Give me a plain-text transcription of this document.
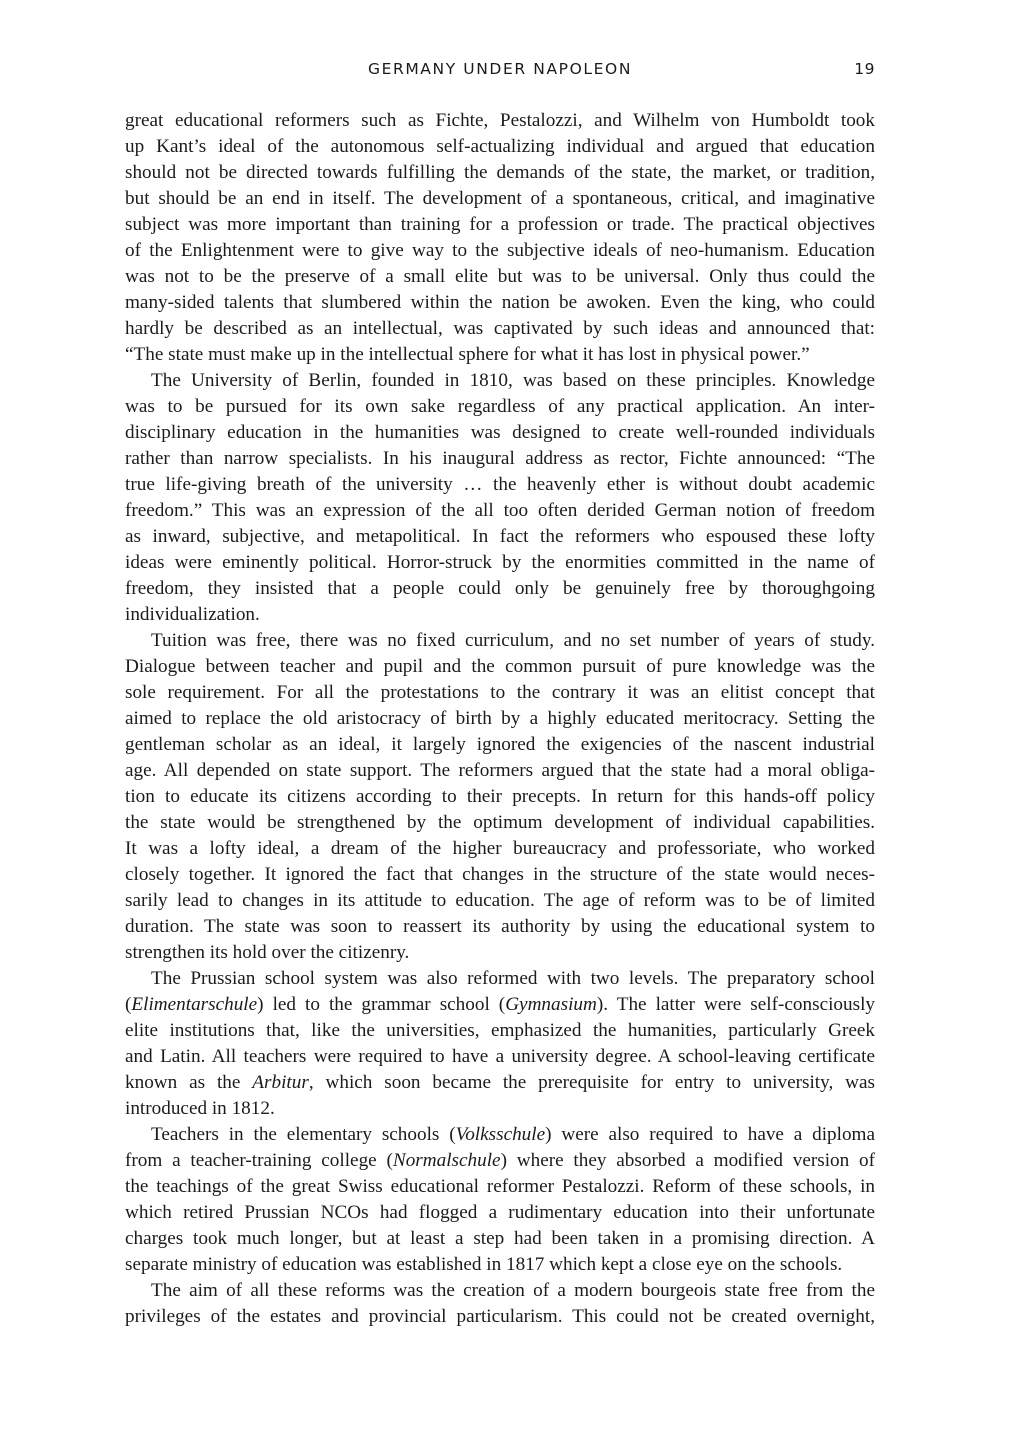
GERMANY UNDER NAPOLEON	19
great educational reformers such as Fichte, Pestalozzi, and Wilhelm von Humboldt took
up Kant’s ideal of the autonomous self-actualizing individual and argued that education
should not be directed towards fulfilling the demands of the state, the market, or tradition,
but should be an end in itself. The development of a spontaneous, critical, and imaginative
subject was more important than training for a profession or trade. The practical objectives
of the Enlightenment were to give way to the subjective ideals of neo-humanism. Education
was not to be the preserve of a small elite but was to be universal. Only thus could the
many-sided talents that slumbered within the nation be awoken. Even the king, who could
hardly be described as an intellectual, was captivated by such ideas and announced that:
“The state must make up in the intellectual sphere for what it has lost in physical power.”
The University of Berlin, founded in 1810, was based on these principles. Knowledge
was to be pursued for its own sake regardless of any practical application. An inter-
disciplinary education in the humanities was designed to create well-rounded individuals
rather than narrow specialists. In his inaugural address as rector, Fichte announced: “The
true life-giving breath of the university … the heavenly ether is without doubt academic
freedom.” This was an expression of the all too often derided German notion of freedom
as inward, subjective, and metapolitical. In fact the reformers who espoused these lofty
ideas were eminently political. Horror-struck by the enormities committed in the name of
freedom, they insisted that a people could only be genuinely free by thoroughgoing
individualization.
Tuition was free, there was no fixed curriculum, and no set number of years of study.
Dialogue between teacher and pupil and the common pursuit of pure knowledge was the
sole requirement. For all the protestations to the contrary it was an elitist concept that
aimed to replace the old aristocracy of birth by a highly educated meritocracy. Setting the
gentleman scholar as an ideal, it largely ignored the exigencies of the nascent industrial
age. All depended on state support. The reformers argued that the state had a moral obliga-
tion to educate its citizens according to their precepts. In return for this hands-off policy
the state would be strengthened by the optimum development of individual capabilities.
It was a lofty ideal, a dream of the higher bureaucracy and professoriate, who worked
closely together. It ignored the fact that changes in the structure of the state would neces-
sarily lead to changes in its attitude to education. The age of reform was to be of limited
duration. The state was soon to reassert its authority by using the educational system to
strengthen its hold over the citizenry.
The Prussian school system was also reformed with two levels. The preparatory school
(Elimentarschule) led to the grammar school (Gymnasium). The latter were self-consciously
elite institutions that, like the universities, emphasized the humanities, particularly Greek
and Latin. All teachers were required to have a university degree. A school-leaving certificate
known as the Arbitur, which soon became the prerequisite for entry to university, was
introduced in 1812.
Teachers in the elementary schools (Volksschule) were also required to have a diploma
from a teacher-training college (Normalschule) where they absorbed a modified version of
the teachings of the great Swiss educational reformer Pestalozzi. Reform of these schools, in
which retired Prussian NCOs had flogged a rudimentary education into their unfortunate
charges took much longer, but at least a step had been taken in a promising direction. A
separate ministry of education was established in 1817 which kept a close eye on the schools.
The aim of all these reforms was the creation of a modern bourgeois state free from the
privileges of the estates and provincial particularism. This could not be created overnight,
